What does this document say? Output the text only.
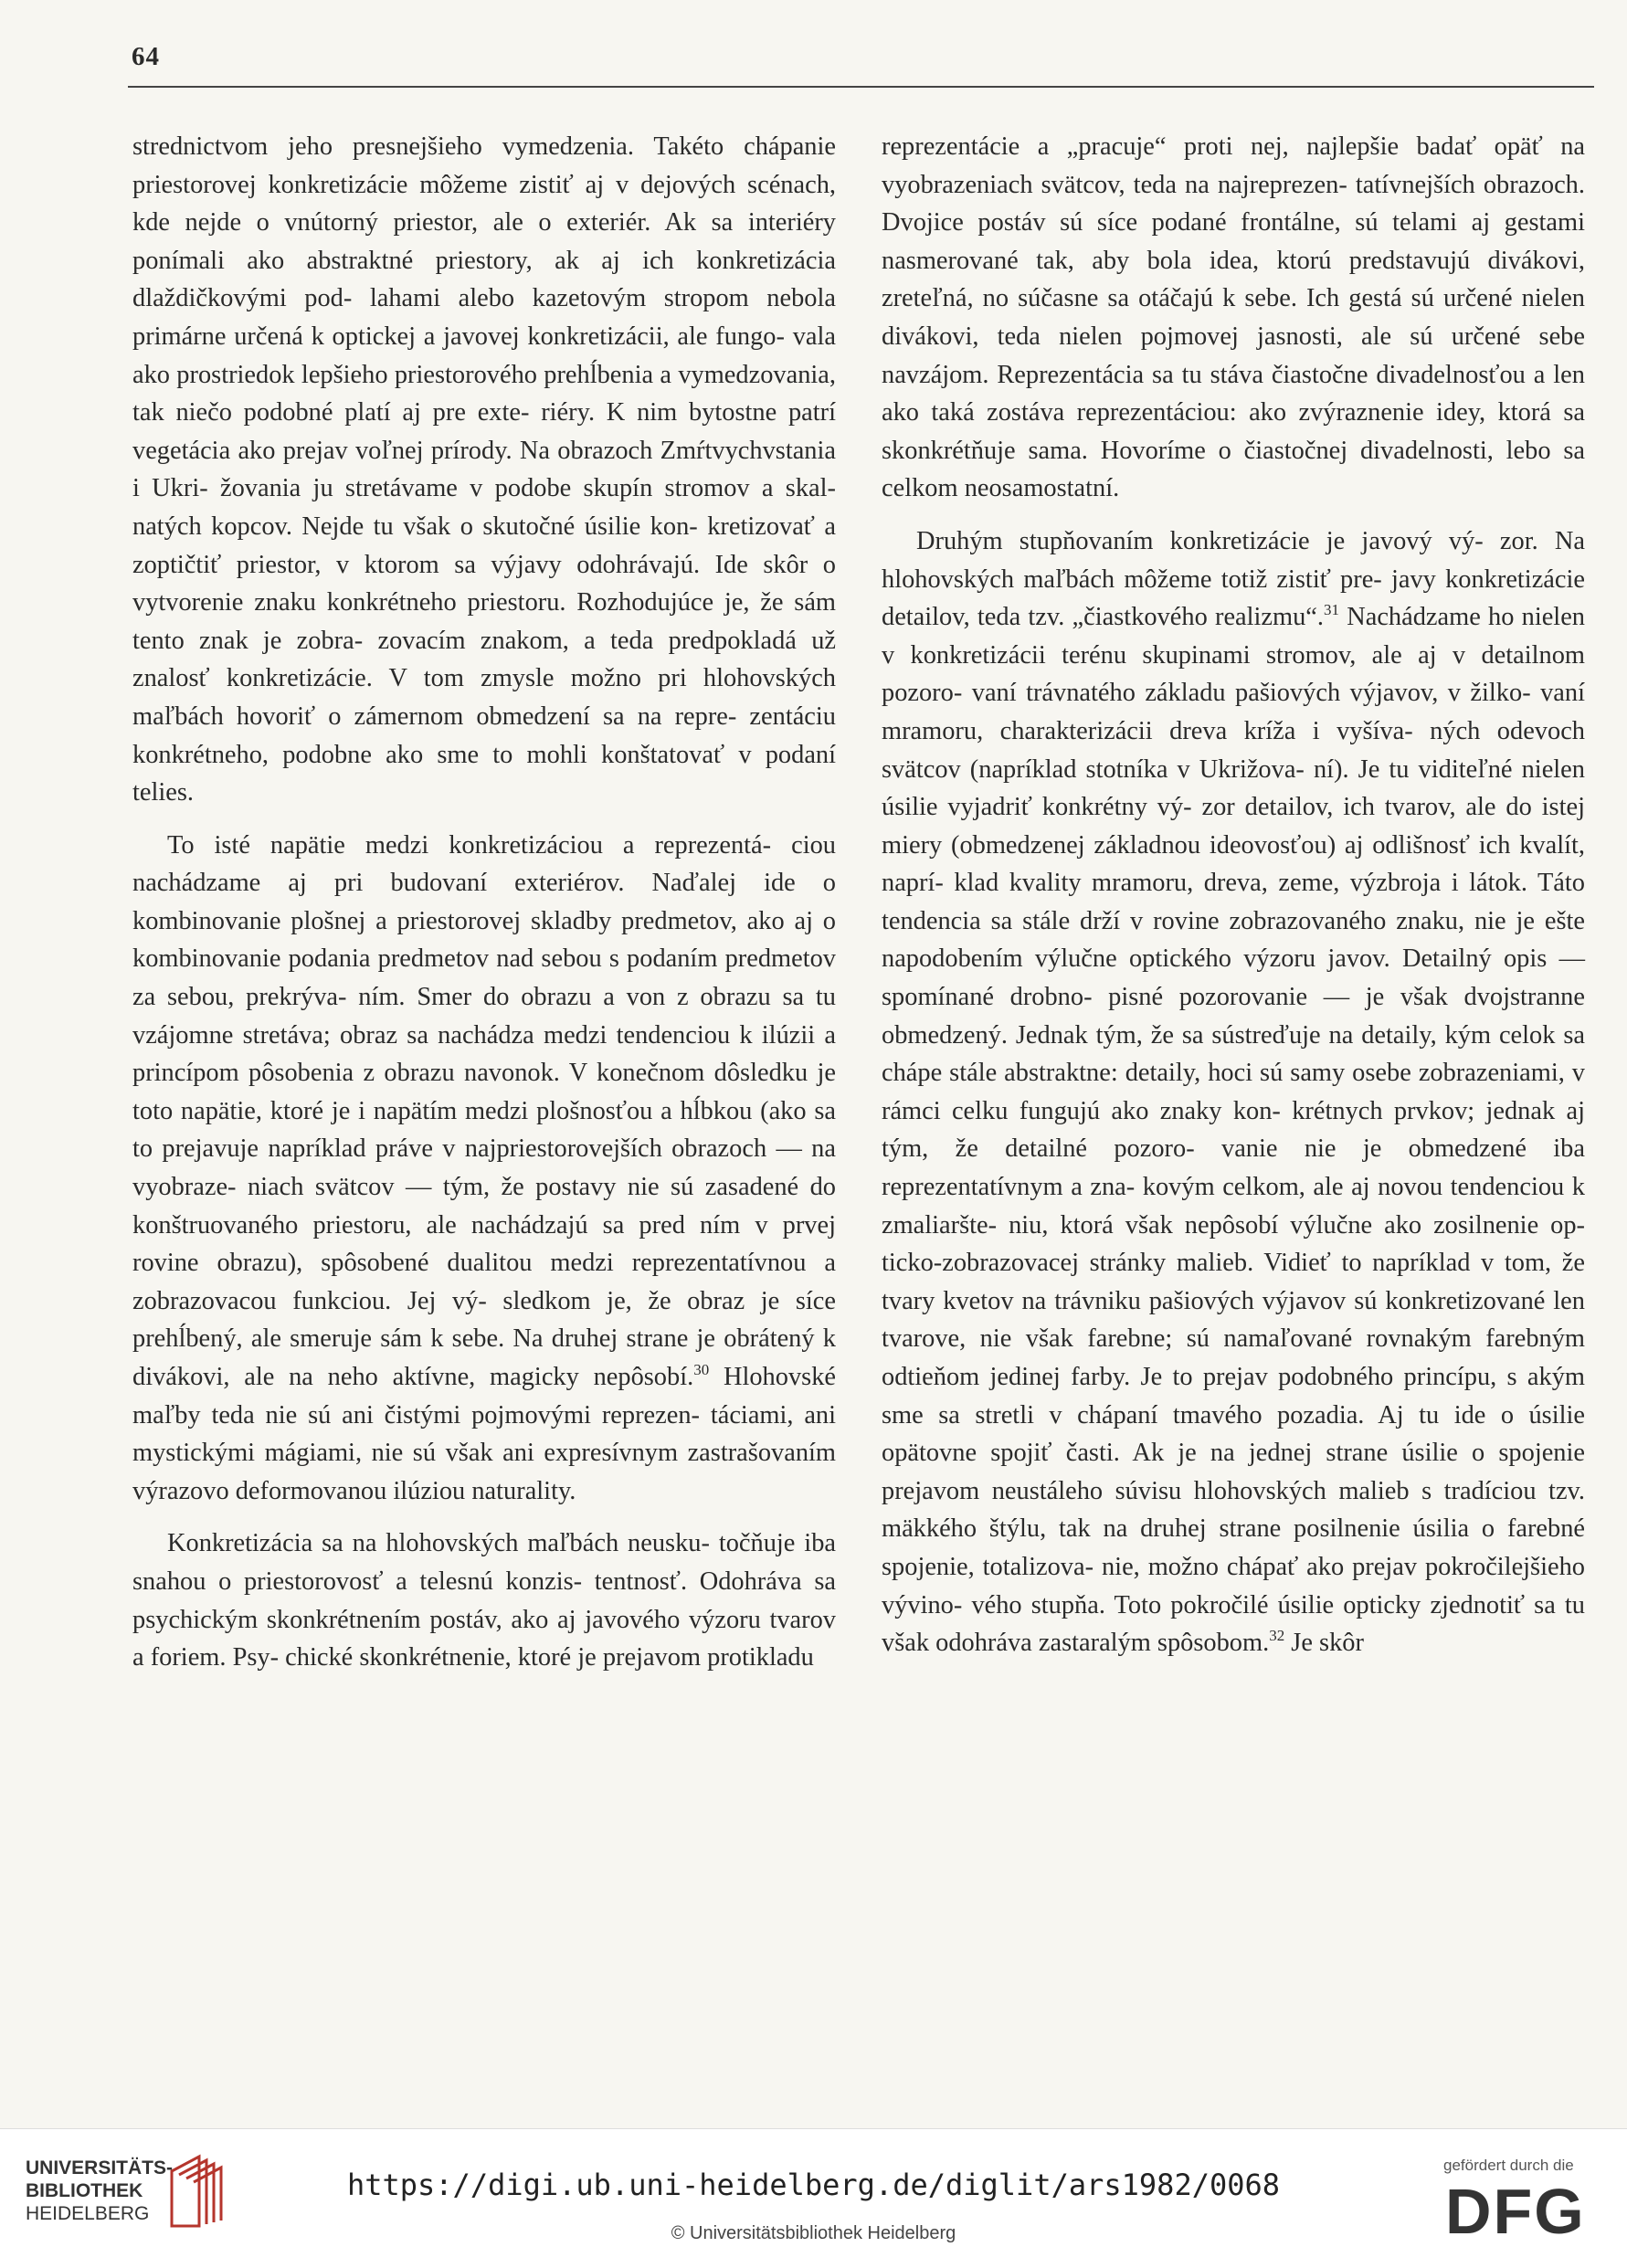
64

strednictvom jeho presnejšieho vymedzenia. Takéto chápanie priestorovej konkretizácie môžeme zistiť aj v dejových scénach, kde nejde o vnútorný priestor, ale o exteriér. Ak sa interiéry ponímali ako abstraktné priestory, ak aj ich konkretizácia dlaždičkovými pod- lahami alebo kazetovým stropom nebola primárne určená k optickej a javovej konkretizácii, ale fungo- vala ako prostriedok lepšieho priestorového prehĺbenia a vymedzovania, tak niečo podobné platí aj pre exte- riéry. K nim bytostne patrí vegetácia ako prejav voľnej prírody. Na obrazoch Zmŕtvychvstania i Ukri- žovania ju stretávame v podobe skupín stromov a skal- natých kopcov. Nejde tu však o skutočné úsilie kon- kretizovať a zoptičtiť priestor, v ktorom sa výjavy odohrávajú. Ide skôr o vytvorenie znaku konkrétneho priestoru. Rozhodujúce je, že sám tento znak je zobra- zovacím znakom, a teda predpokladá už znalosť konkretizácie. V tom zmysle možno pri hlohovských maľbách hovoriť o zámernom obmedzení sa na repre- zentáciu konkrétneho, podobne ako sme to mohli konštatovať v podaní telies.

To isté napätie medzi konkretizáciou a reprezentá- ciou nachádzame aj pri budovaní exteriérov. Naďalej ide o kombinovanie plošnej a priestorovej skladby predmetov, ako aj o kombinovanie podania predmetov nad sebou s podaním predmetov za sebou, prekrýva- ním. Smer do obrazu a von z obrazu sa tu vzájomne stretáva; obraz sa nachádza medzi tendenciou k ilúzii a princípom pôsobenia z obrazu navonok. V konečnom dôsledku je toto napätie, ktoré je i napätím medzi plošnosťou a hĺbkou (ako sa to prejavuje napríklad práve v najpriestorovejších obrazoch — na vyobraze- niach svätcov — tým, že postavy nie sú zasadené do konštruovaného priestoru, ale nachádzajú sa pred ním v prvej rovine obrazu), spôsobené dualitou medzi reprezentatívnou a zobrazovacou funkciou. Jej vý- sledkom je, že obraz je síce prehĺbený, ale smeruje sám k sebe. Na druhej strane je obrátený k divákovi, ale na neho aktívne, magicky nepôsobí.$^{30}$ Hlohovské maľby teda nie sú ani čistými pojmovými reprezen- táciami, ani mystickými mágiami, nie sú však ani expresívnym zastrašovaním výrazovo deformovanou ilúziou naturality.

Konkretizácia sa na hlohovských maľbách neusku- točňuje iba snahou o priestorovosť a telesnú konzis- tentnosť. Odohráva sa psychickým skonkrétnením postáv, ako aj javového výzoru tvarov a foriem. Psy- chické skonkrétnenie, ktoré je prejavom protikladu

reprezentácie a „pracuje“ proti nej, najlepšie badať opäť na vyobrazeniach svätcov, teda na najreprezen- tatívnejších obrazoch. Dvojice postáv sú síce podané frontálne, sú telami aj gestami nasmerované tak, aby bola idea, ktorú predstavujú divákovi, zreteľná, no súčasne sa otáčajú k sebe. Ich gestá sú určené nielen divákovi, teda nielen pojmovej jasnosti, ale sú určené sebe navzájom. Reprezentácia sa tu stáva čiastočne divadelnosťou a len ako taká zostáva reprezentáciou: ako zvýraznenie idey, ktorá sa skonkrétňuje sama. Hovoríme o čiastočnej divadelnosti, lebo sa celkom neosamostatní.

Druhým stupňovaním konkretizácie je javový vý- zor. Na hlohovských maľbách môžeme totiž zistiť pre- javy konkretizácie detailov, teda tzv. „čiastkového realizmu“.$^{31}$ Nachádzame ho nielen v konkretizácii terénu skupinami stromov, ale aj v detailnom pozoro- vaní trávnatého základu pašiových výjavov, v žilko- vaní mramoru, charakterizácii dreva kríža i vyšíva- ných odevoch svätcov (napríklad stotníka v Ukrižova- ní). Je tu viditeľné nielen úsilie vyjadriť konkrétny vý- zor detailov, ich tvarov, ale do istej miery (obmedzenej základnou ideovosťou) aj odlišnosť ich kvalít, naprí- klad kvality mramoru, dreva, zeme, výzbroja i látok. Táto tendencia sa stále drží v rovine zobrazovaného znaku, nie je ešte napodobením výlučne optického výzoru javov. Detailný opis — spomínané drobno- pisné pozorovanie — je však dvojstranne obmedzený. Jednak tým, že sa sústreďuje na detaily, kým celok sa chápe stále abstraktne: detaily, hoci sú samy osebe zobrazeniami, v rámci celku fungujú ako znaky kon- krétnych prvkov; jednak aj tým, že detailné pozoro- vanie nie je obmedzené iba reprezentatívnym a zna- kovým celkom, ale aj novou tendenciou k zmaliaršte- niu, ktorá však nepôsobí výlučne ako zosilnenie op- ticko-zobrazovacej stránky malieb. Vidieť to napríklad v tom, že tvary kvetov na trávniku pašiových výjavov sú konkretizované len tvarove, nie však farebne; sú namaľované rovnakým farebným odtieňom jedinej farby. Je to prejav podobného princípu, s akým sme sa stretli v chápaní tmavého pozadia. Aj tu ide o úsilie opätovne spojiť časti. Ak je na jednej strane úsilie o spojenie prejavom neustáleho súvisu hlohovských malieb s tradíciou tzv. mäkkého štýlu, tak na druhej strane posilnenie úsilia o farebné spojenie, totalizova- nie, možno chápať ako prejav pokročilejšieho vývino- vého stupňa. Toto pokročilé úsilie opticky zjednotiť sa tu však odohráva zastaralým spôsobom.$^{32}$ Je skôr

UNIVERSITÄTS-
BIBLIOTHEK
HEIDELBERG
https://digi.ub.uni-heidelberg.de/diglit/ars1982/0068
© Universitätsbibliothek Heidelberg
gefördert durch die
DFG
